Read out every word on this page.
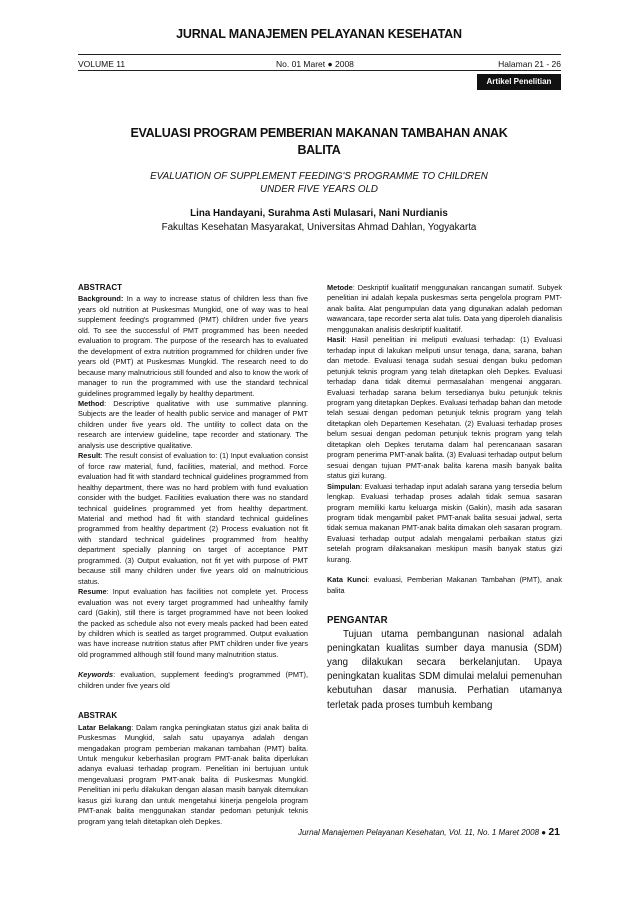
JURNAL MANAJEMEN PELAYANAN KESEHATAN
VOLUME 11	No. 01 Maret ● 2008	Halaman 21 - 26
Artikel Penelitian
EVALUASI PROGRAM PEMBERIAN MAKANAN TAMBAHAN ANAK BALITA
EVALUATION OF SUPPLEMENT FEEDING'S PROGRAMME TO CHILDREN UNDER FIVE YEARS OLD
Lina Handayani, Surahma Asti Mulasari, Nani Nurdianis
Fakultas Kesehatan Masyarakat, Universitas Ahmad Dahlan, Yogyakarta
ABSTRACT

Background: In a way to increase status of children less than five years old nutrition at Puskesmas Mungkid, one of way was to heal supplement feeding's programmed (PMT) children under five years old. To see the successful of PMT programmed has been needed evaluation to program. The purpose of the research has to evaluated the development of extra nutrition programmed for children under five years old (PMT) at Puskesmas Mungkid. The research need to do because many malnutricious still founded and also to know the work of manager to run the programmed with use the standard technical guidelines programmed legally by healthy department.

Method: Descriptive qualitative with use summative planning. Subjects are the leader of health public service and manager of PMT children under five years old. The untility to collect data on the research are interview guideline, tape recorder and stationary. The analysis use descriptive qualitative.

Result: The result consist of evaluation to: (1) Input evaluation consist of force raw material, fund, facilities, material, and method. Force evaluation had fit with standard technical guidelines programmed from healthy department, there was no hard problem with fund evaluation consider with the budget. Facilities evaluation there was no standard technical guidelines programmed yet from healthy department. Material and method had fit with standard technical guidelines programmed from healthy department (2) Process evaluation not fit with standard technical guidelines programmed from healthy department specially planning on target of acceptance PMT programmed. (3) Output evaluation, not fit yet with purpose of PMT because still many children under five years old on malnutricious status.

Resume: Input evaluation has facilities not complete yet. Process evaluation was not every target programmed had unhealthy family card (Gakin), still there is target programmed have not been looked the packed as schedule also not every meals packed had been eated by children which is seatled as target programmed. Output evaluation was have increase nutrition status after PMT children under five years old programmed although still found many malnutrition status.

Keywords: evaluation, supplement feeding's programmed (PMT), children under five years old

ABSTRAK

Latar Belakang: Dalam rangka peningkatan status gizi anak balita di Puskesmas Mungkid, salah satu upayanya adalah dengan mengadakan program pemberian makanan tambahan (PMT) balita. Untuk mengukur keberhasilan program PMT-anak balita diperlukan adanya evaluasi terhadap program. Penelitian ini bertujuan untuk mengevaluasi program PMT-anak balita di Puskesmas Mungkid. Penelitian ini perlu dilakukan dengan alasan masih banyak ditemukan kasus gizi kurang dan untuk mengetahui kinerja pengelola program PMT-anak balita menggunakan standar pedoman petunjuk teknis program yang telah ditetapkan oleh Depkes.

Metode: Deskriptif kualitatif menggunakan rancangan sumatif. Subyek penelitian ini adalah kepala puskesmas serta pengelola program PMT-anak balita. Alat pengumpulan data yang digunakan adalah pedoman wawancara, tape recorder serta alat tulis. Data yang diperoleh dianalisis menggunakan analisis deskriptif kualitatif.

Hasil: Hasil penelitian ini meliputi evaluasi terhadap: (1) Evaluasi terhadap input di lakukan meliputi unsur tenaga, dana, sarana, bahan dan metode. Evaluasi tenaga sudah sesuai dengan buku pedoman petunjuk teknis program yang telah ditetapkan oleh Depkes. Evaluasi terhadap dana tidak ditemui permasalahan mengenai anggaran. Evaluasi terhadap sarana belum tersedianya buku petunjuk teknis program yang ditetapkan Depkes. Evaluasi terhadap bahan dan metode telah sesuai dengan pedoman petunjuk teknis program yang telah ditetapkan oleh Departemen Kesehatan. (2) Evaluasi terhadap proses belum sesuai dengan pedoman petunjuk teknis program yang telah ditetapkan oleh Depkes terutama dalam hal perencanaan sasaran program penerima PMT-anak balita. (3) Evaluasi terhadap output belum sesuai dengan tujuan PMT-anak balita karena masih banyak balita status gizi kurang.

Simpulan: Evaluasi terhadap input adalah sarana yang tersedia belum lengkap. Evaluasi terhadap proses adalah tidak semua sasaran program memiliki kartu keluarga miskin (Gakin), masih ada sasaran program tidak mengambil paket PMT-anak balita sesuai jadwal, serta tidak semua makanan PMT-anak balita dimakan oleh sasaran program. Evaluasi terhadap output adalah mengalami perbaikan status gizi setelah program dilaksanakan meskipun masih banyak status gizi kurang.

Kata Kunci: evaluasi, Pemberian Makanan Tambahan (PMT), anak balita

PENGANTAR

Tujuan utama pembangunan nasional adalah peningkatan kualitas sumber daya manusia (SDM) yang dilakukan secara berkelanjutan. Upaya peningkatan kualitas SDM dimulai melalui pemenuhan kebutuhan dasar manusia. Perhatian utamanya terletak pada proses tumbuh kembang

Jurnal Manajemen Pelayanan Kesehatan, Vol. 11, No. 1 Maret 2008 ● 21
